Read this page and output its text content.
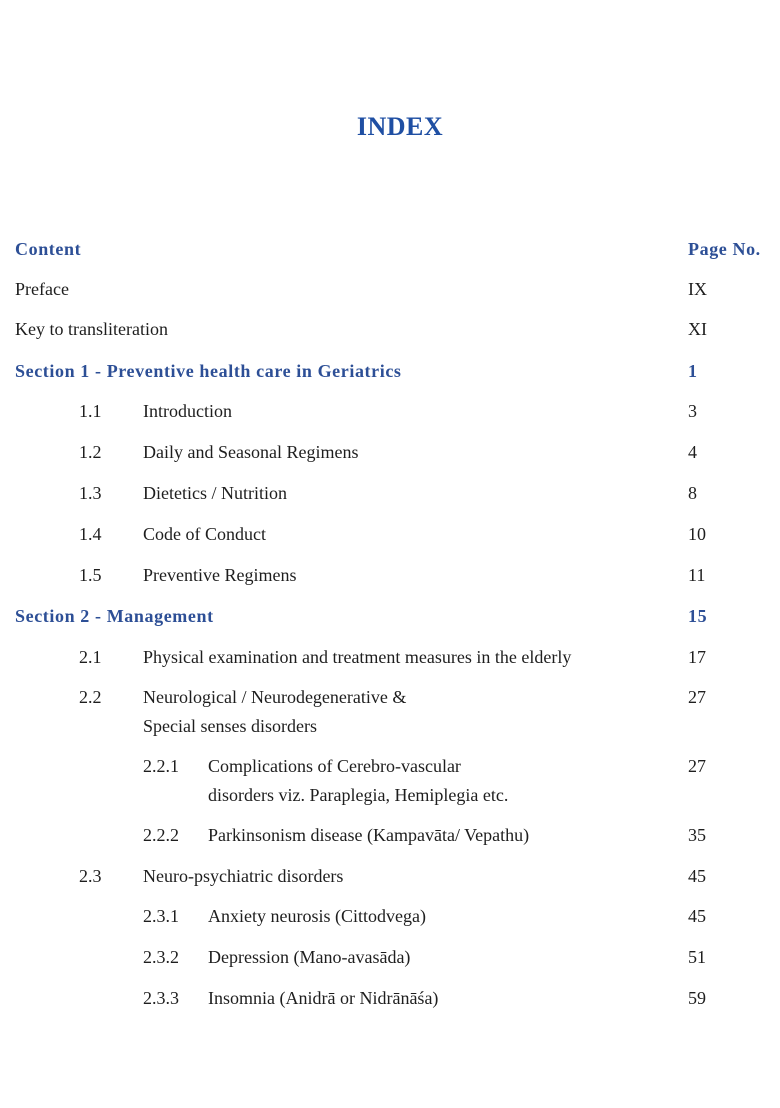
INDEX
Content	Page No.
Preface	IX
Key to transliteration	XI
Section 1 - Preventive health care in Geriatrics	1
1.1 Introduction	3
1.2 Daily and Seasonal Regimens	4
1.3 Dietetics / Nutrition	8
1.4 Code of Conduct	10
1.5 Preventive Regimens	11
Section 2 - Management	15
2.1 Physical examination and treatment measures in the elderly	17
2.2 Neurological / Neurodegenerative &	27
Special senses disorders
2.2.1 Complications of Cerebro-vascular	27
disorders viz. Paraplegia, Hemiplegia etc.
2.2.2 Parkinsonism disease (Kampavāta/ Vepathu)	35
2.3 Neuro-psychiatric disorders	45
2.3.1 Anxiety neurosis (Cittodvega)	45
2.3.2 Depression (Mano-avasāda)	51
2.3.3 Insomnia (Anidrā or Nidrānāśa)	59
